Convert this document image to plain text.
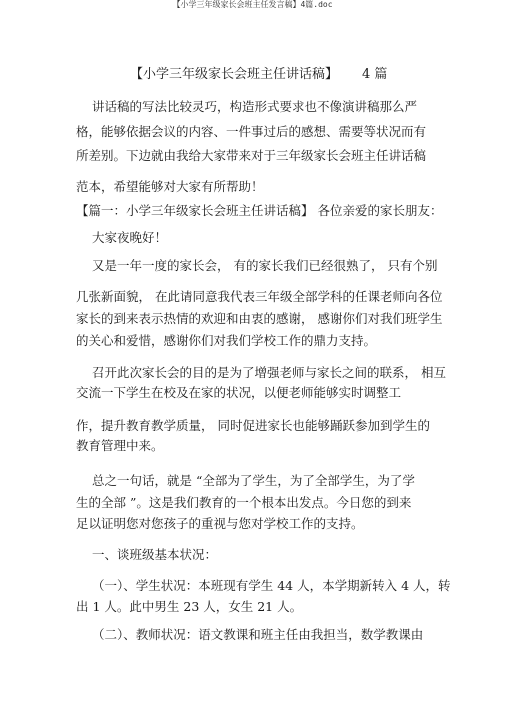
【小学三年级家长会班主任发言稿】4篇.doc
【小学三年级家长会班主任讲话稿】 4 篇
讲话稿的写法比较灵巧，构造形式要求也不像演讲稿那么严
格，能够依据会议的内容、一件事过后的感想、需要等状况而有
所差别。下边就由我给大家带来对于三年级家长会班主任讲话稿
范本，希望能够对大家有所帮助！
【篇一：小学三年级家长会班主任讲话稿】 各位亲爱的家长朋友：
大家夜晚好！
又是一年一度的家长会， 有的家长我们已经很熟了， 只有个别
几张新面貌， 在此请同意我代表三年级全部学科的任课老师向各位
家长的到来表示热情的欢迎和由衷的感谢， 感谢你们对我们班学生
的关心和爱惜，感谢你们对我们学校工作的鼎力支持。
召开此次家长会的目的是为了增强老师与家长之间的联系， 相互
交流一下学生在校及在家的状况，以便老师能够实时调整工
作，提升教育教学质量， 同时促进家长也能够踊跃参加到学生的
教育管理中来。
总之一句话，就是 “全部为了学生，为了全部学生，为了学
生的全部 ”。这是我们教育的一个根本出发点。今日您的到来
足以证明您对您孩子的重视与您对学校工作的支持。
一、谈班级基本状况：
（一）、学生状况：本班现有学生 44 人，本学期新转入 4 人，转
出 1 人。此中男生 23 人，女生 21 人。
（二）、教师状况：语文教课和班主任由我担当，数学教课由
